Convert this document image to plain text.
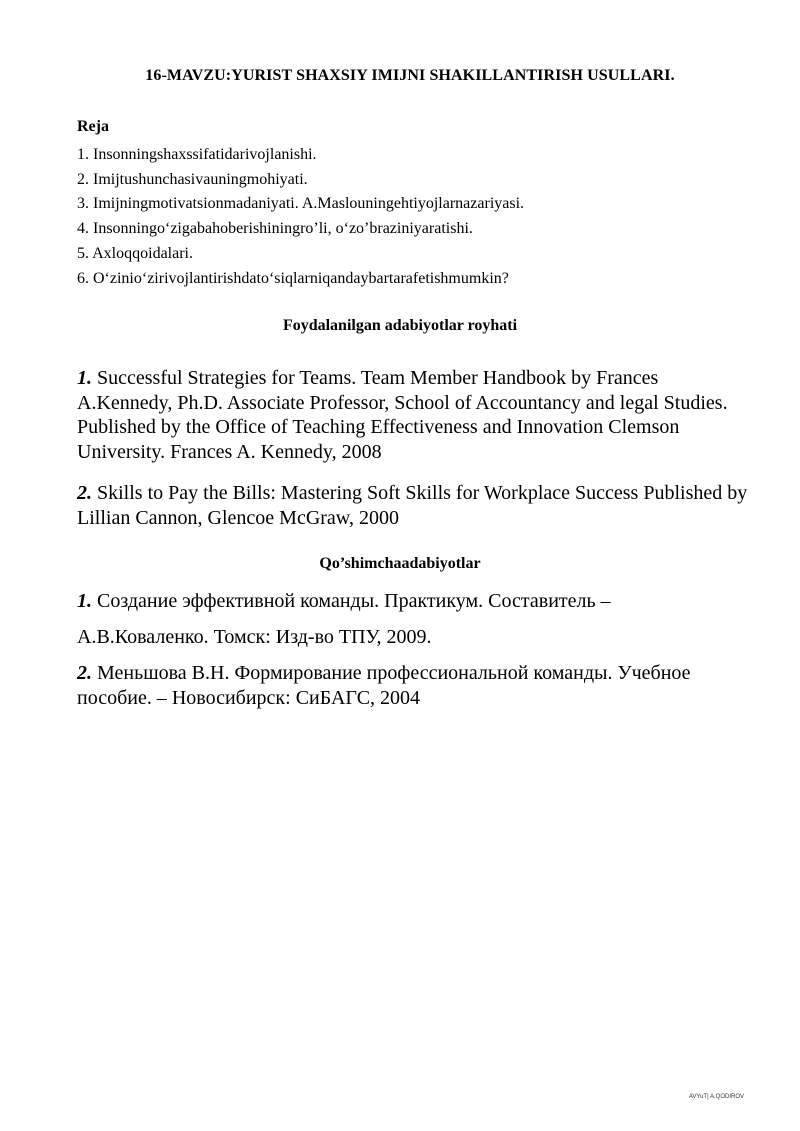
16-MAVZU:YURIST SHAXSIY IMIJNI SHAKILLANTIRISH USULLARI.
Reja
1. Insonningshaxssifatidarivojlanishi.
2. Imijtushunchasivauningmohiyati.
3. Imijningmotivatsionmadaniyati. A.Maslouningehtiyojlarnazariyasi.
4. Insonningo‘zigabahoberishiningro’li, o‘zo’braziniyaratishi.
5. Axloqqoidalari.
6. O‘zinio‘zirivojlantirishdato‘siqlarniqandaybartarafetishmumkin?
Foydalanilgan adabiyotlar royhati

1. Successful Strategies for Teams. Team Member Handbook by Frances A.Kennedy, Ph.D. Associate Professor, School of Accountancy and legal Studies. Published by the Office of Teaching Effectiveness and Innovation Clemson University. Frances A. Kennedy, 2008

2. Skills to Pay the Bills: Mastering Soft Skills for Workplace Success Published by Lillian Cannon, Glencoe McGraw, 2000

Qo’shimchaadabiyotlar

1. Создание эффективной команды. Практикум. Составитель –

А.В.Коваленко. Томск: Изд-во ТПУ, 2009.

2. Меньшова В.Н. Формирование профессиональной команды. Учебное пособие. – Новосибирск: СиБАГС, 2004

AVYuT| A.QODIROV
